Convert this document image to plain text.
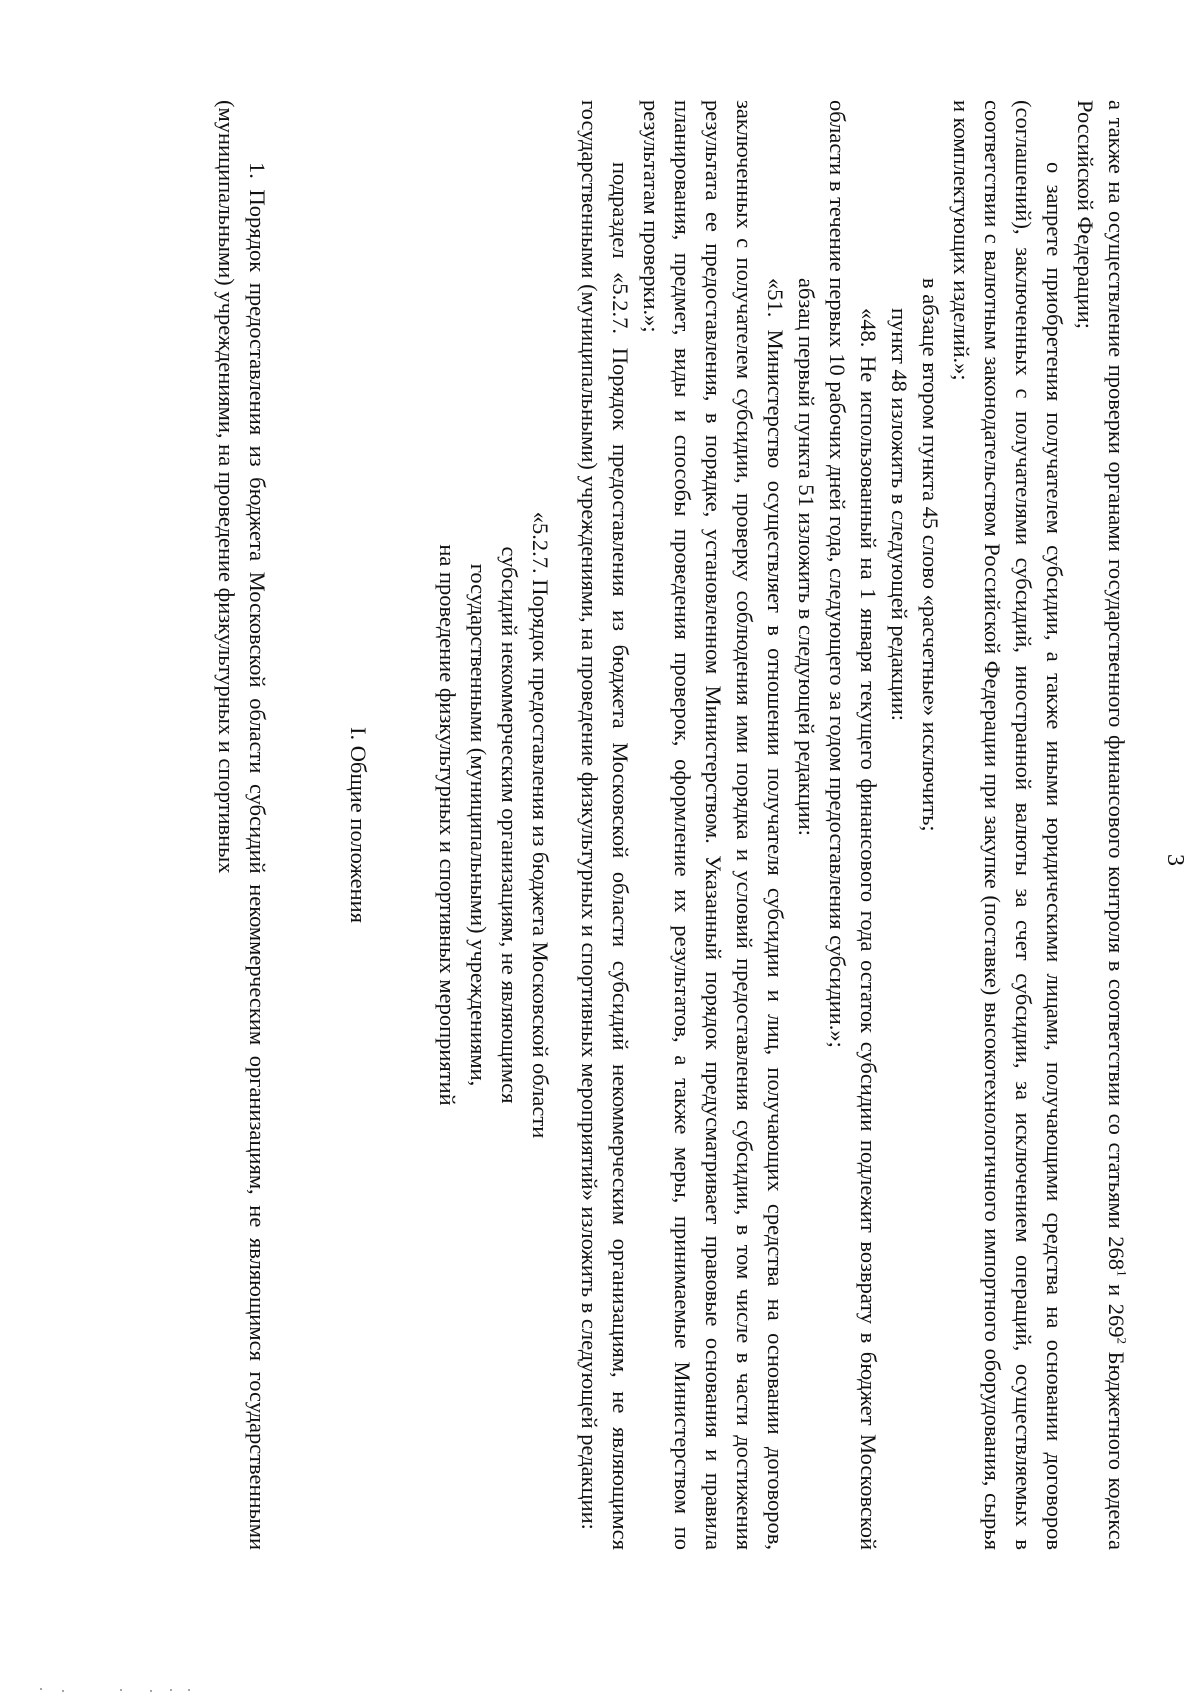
3

а также на осуществление проверки органами государственного финансового контроля в соответствии со статьями $268^1$ и $269^2$ Бюджетного кодекса Российской Федерации;

о запрете приобретения получателем субсидии, а также иными юридическими лицами, получающими средства на основании договоров (соглашений), заключенных с получателями субсидий, иностранной валюты за счет субсидии, за исключением операций, осуществляемых в соответствии с валютным законодательством Российской Федерации при закупке (поставке) высокотехнологичного импортного оборудования, сырья и комплектующих изделий.»;

в абзаце втором пункта 45 слово «расчетные» исключить;

пункт 48 изложить в следующей редакции:

«48. Не использованный на 1 января текущего финансового года остаток субсидии подлежит возврату в бюджет Московской области в течение первых 10 рабочих дней года, следующего за годом предоставления субсидии.»;

абзац первый пункта 51 изложить в следующей редакции:

«51. Министерство осуществляет в отношении получателя субсидии и лиц, получающих средства на основании договоров, заключенных с получателем субсидии, проверку соблюдения ими порядка и условий предоставления субсидии, в том числе в части достижения результата ее предоставления, в порядке, установленном Министерством. Указанный порядок предусматривает правовые основания и правила планирования, предмет, виды и способы проведения проверок, оформление их результатов, а также меры, принимаемые Министерством по результатам проверки.»;

подраздел «5.2.7. Порядок предоставления из бюджета Московской области субсидий некоммерческим организациям, не являющимся государственными (муниципальными) учреждениями, на проведение физкультурных и спортивных мероприятий» изложить в следующей редакции:

«5.2.7. Порядок предоставления из бюджета Московской области
субсидий некоммерческим организациям, не являющимся
государственными (муниципальными) учреждениями,
на проведение физкультурных и спортивных мероприятий

I. Общие положения

1. Порядок предоставления из бюджета Московской области субсидий некоммерческим организациям, не являющимся государственными (муниципальными) учреждениями, на проведение физкультурных и спортивных
